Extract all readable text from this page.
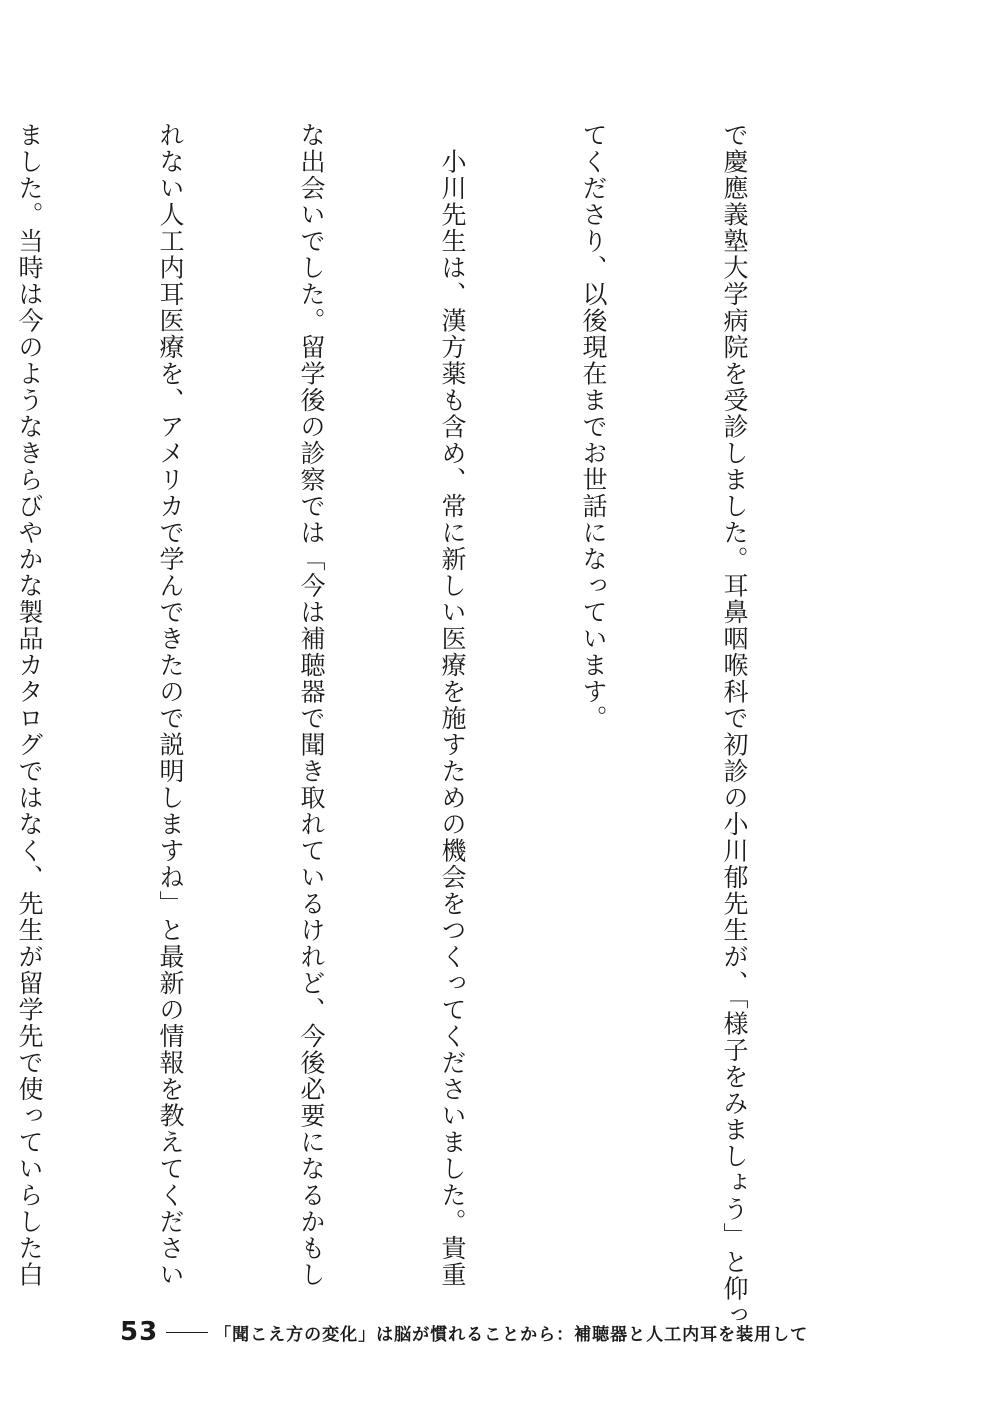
で慶應義塾大学病院を受診しました。耳鼻咽喉科で初診の小川郁先生が、「様子をみましょう」と仰っ

てくださり、以後現在までお世話になっています。

　小川先生は、漢方薬も含め、常に新しい医療を施すための機会をつくってくださいました。貴重

な出会いでした。留学後の診察では「今は補聴器で聞き取れているけれど、今後必要になるかもし

れない人工内耳医療を、アメリカで学んできたので説明しますね」と最新の情報を教えてください

ました。当時は今のようなきらびやかな製品カタログではなく、先生が留学先で使っていらした白

53	「聞こえ方の変化」は脳が慣れることから：補聴器と人工内耳を装用して
